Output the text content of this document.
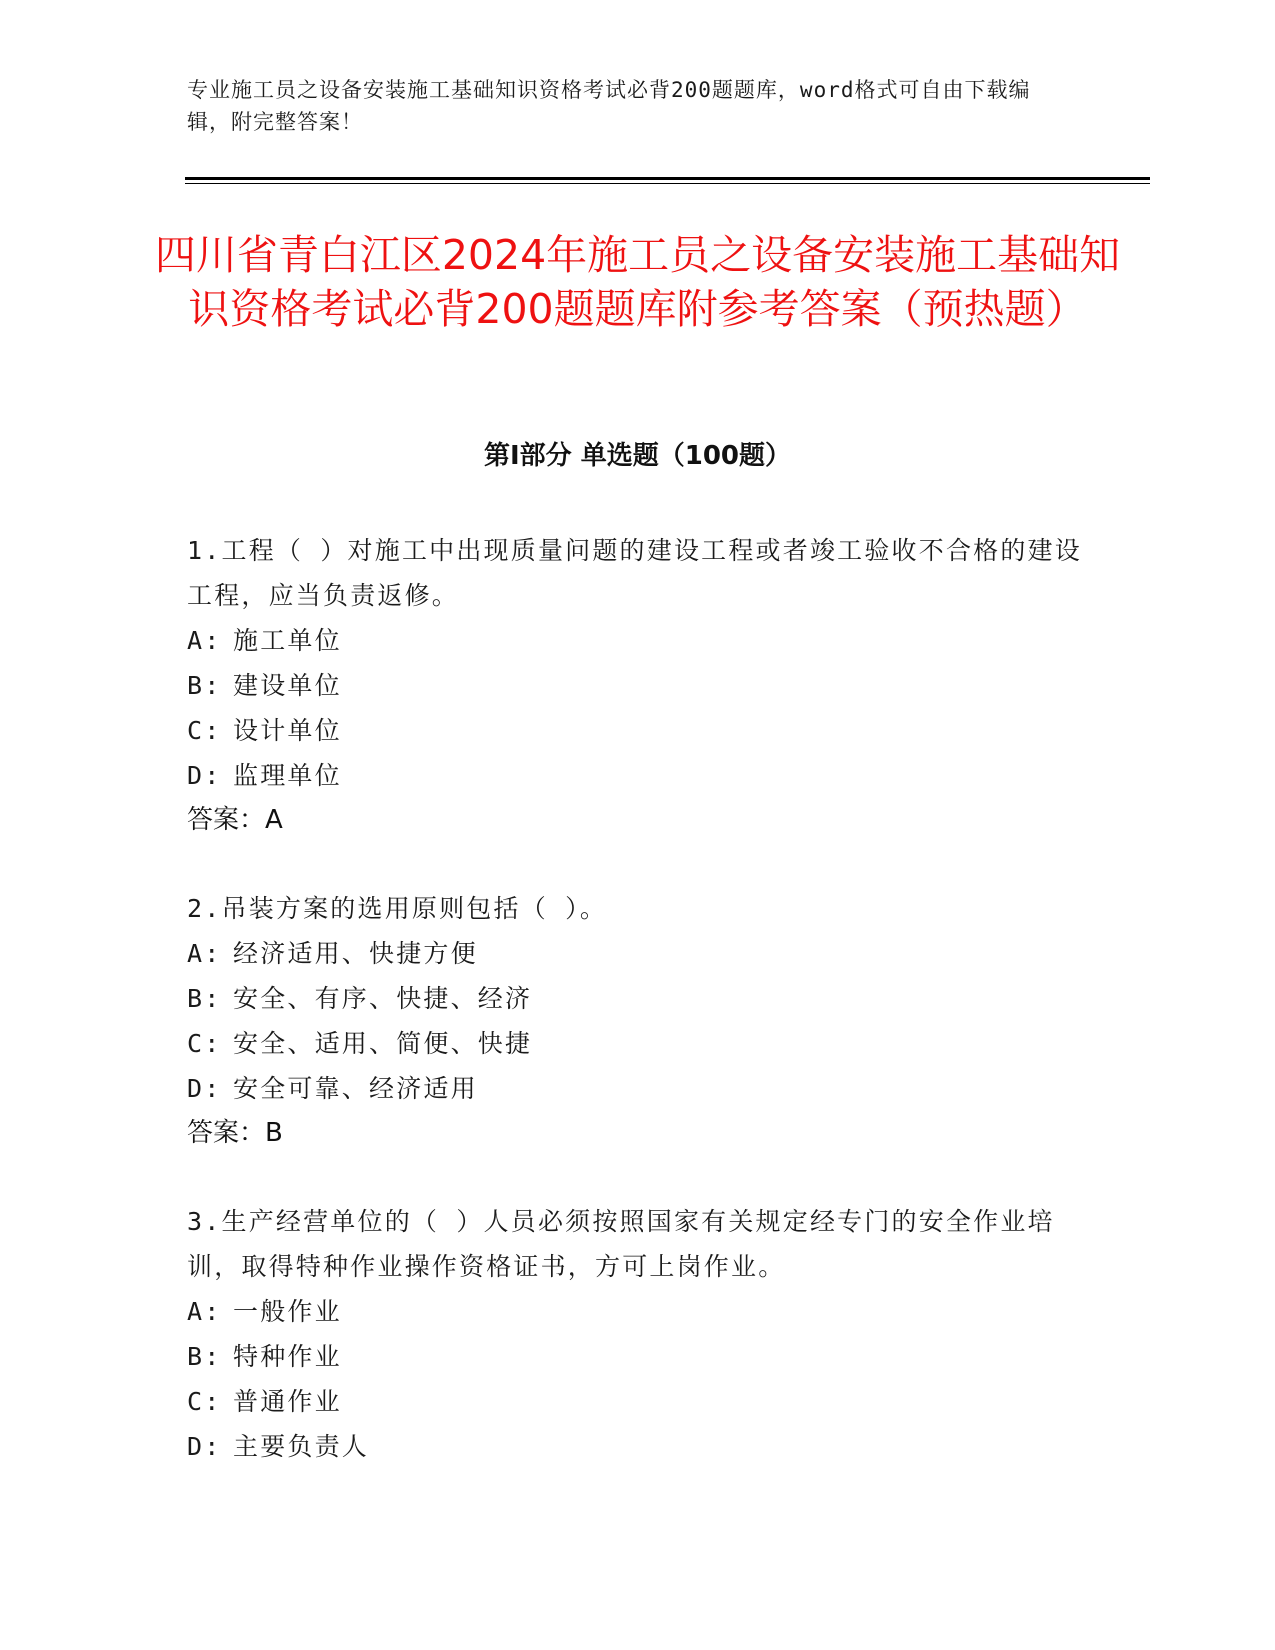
专业施工员之设备安装施工基础知识资格考试必背200题题库，word格式可自由下载编辑，附完整答案！
四川省青白江区2024年施工员之设备安装施工基础知识资格考试必背200题题库附参考答案（预热题）
第Ⅰ部分 单选题（100题）

1.工程（ ）对施工中出现质量问题的建设工程或者竣工验收不合格的建设工程，应当负责返修。

A: 施工单位

B: 建设单位

C: 设计单位

D: 监理单位

答案：A

2.吊装方案的选用原则包括（ ）。

A: 经济适用、快捷方便

B: 安全、有序、快捷、经济

C: 安全、适用、简便、快捷

D: 安全可靠、经济适用

答案：B

3.生产经营单位的（ ）人员必须按照国家有关规定经专门的安全作业培训，取得特种作业操作资格证书，方可上岗作业。

A: 一般作业

B: 特种作业

C: 普通作业

D: 主要负责人
